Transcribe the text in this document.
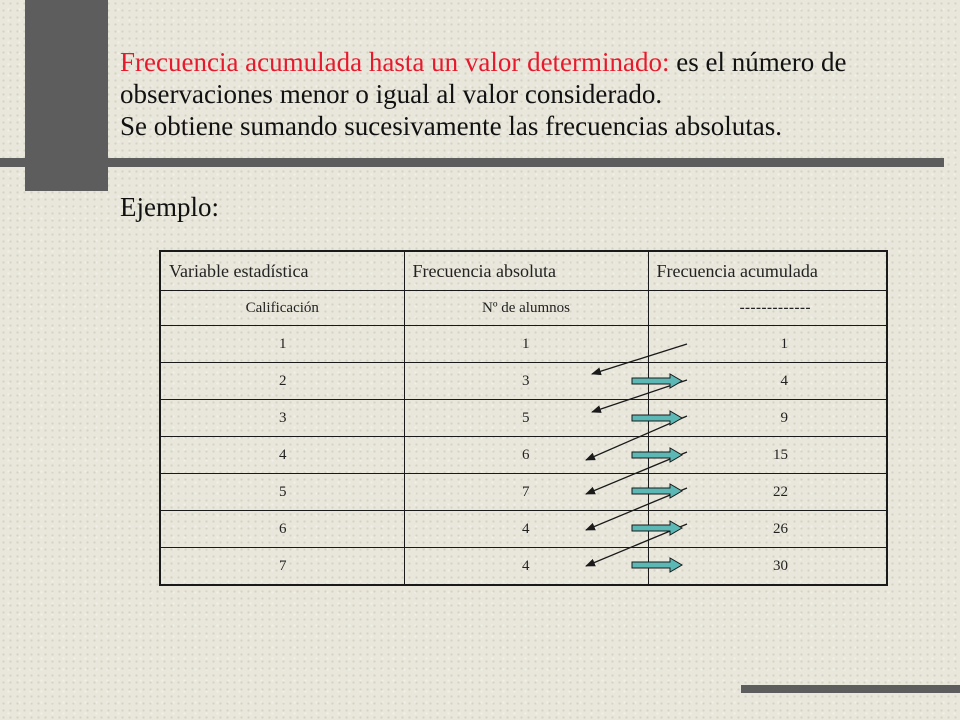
Frecuencia acumulada hasta un valor determinado: es el número de observaciones menor o igual al valor considerado.

Se obtiene sumando sucesivamente las frecuencias absolutas.

Ejemplo:
Variable estadística	Frecuencia absoluta	Frecuencia acumulada
Calificación	Nº de alumnos	-------------
1	1	1
2	3	4
3	5	9
4	6	15
5	7	22
6	4	26
7	4	30
